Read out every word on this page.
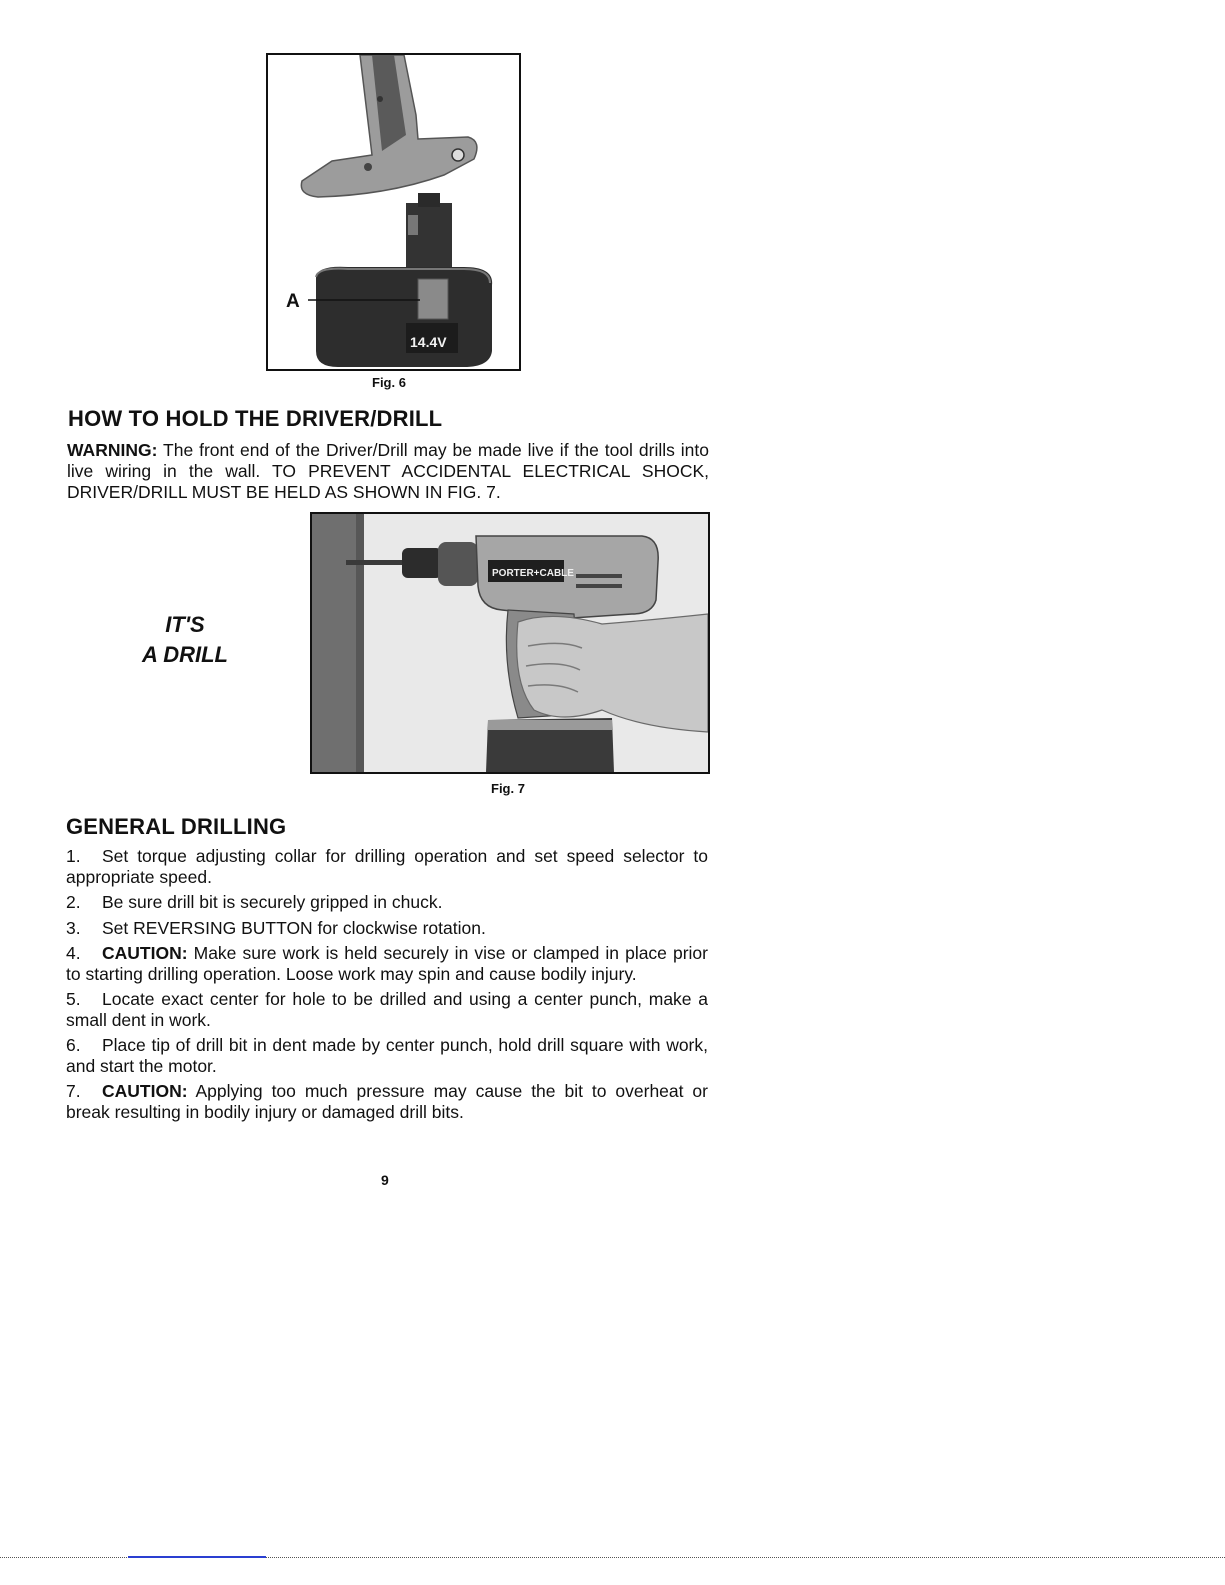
14.4V
A
Fig. 6
HOW TO HOLD THE DRIVER/DRILL

WARNING: The front end of the Driver/Drill may be made live if the tool drills into live wiring in the wall. TO PREVENT ACCIDENTAL ELECTRICAL SHOCK, DRIVER/DRILL MUST BE HELD AS SHOWN IN FIG. 7.

IT'S
A DRILL
PORTER+CABLE
Fig. 7
GENERAL DRILLING
1. Set torque adjusting collar for drilling operation and set speed selector to appropriate speed.
2. Be sure drill bit is securely gripped in chuck.
3. Set REVERSING BUTTON for clockwise rotation.
4. CAUTION: Make sure work is held securely in vise or clamped in place prior to starting drilling operation. Loose work may spin and cause bodily injury.
5. Locate exact center for hole to be drilled and using a center punch, make a small dent in work.
6. Place tip of drill bit in dent made by center punch, hold drill square with work, and start the motor.
7. CAUTION: Applying too much pressure may cause the bit to overheat or break resulting in bodily injury or damaged drill bits.
9
